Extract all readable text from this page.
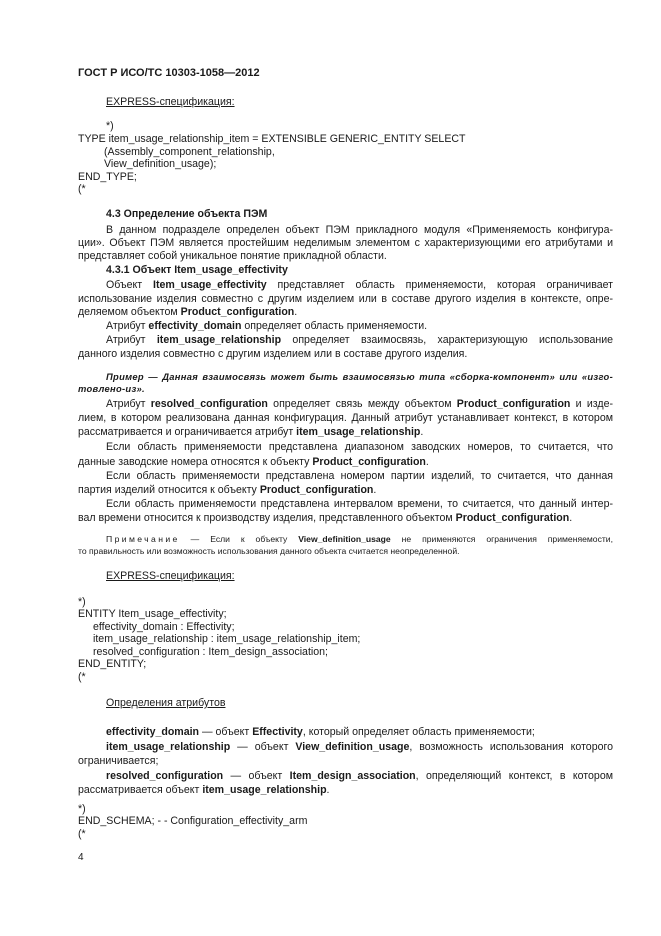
ГОСТ Р ИСО/ТС 10303-1058—2012
EXPRESS-спецификация:
*)
TYPE item_usage_relationship_item = EXTENSIBLE GENERIC_ENTITY SELECT
(Assembly_component_relationship,
View_definition_usage);
END_TYPE;
(*
4.3 Определение объекта ПЭМ
В данном подразделе определен объект ПЭМ прикладного модуля «Применяемость конфигура-
ции». Объект ПЭМ является простейшим неделимым элементом с характеризующими его атрибутами и
представляет собой уникальное понятие прикладной области.
4.3.1 Объект Item_usage_effectivity
Объект Item_usage_effectivity представляет область применяемости, которая ограничивает
использование изделия совместно с другим изделием или в составе другого изделия в контексте, опре-
деляемом объектом Product_configuration.
Атрибут effectivity_domain определяет область применяемости.
Атрибут item_usage_relationship определяет взаимосвязь, характеризующую использование
данного изделия совместно с другим изделием или в составе другого изделия.
Пример — Данная взаимосвязь может быть взаимосвязью типа «сборка-компонент» или «изго-
товлено-из».
Атрибут resolved_configuration определяет связь между объектом Product_configuration и изде-
лием, в котором реализована данная конфигурация. Данный атрибут устанавливает контекст, в котором
рассматривается и ограничивается атрибут item_usage_relationship.
Если область применяемости представлена диапазоном заводских номеров, то считается, что
данные заводские номера относятся к объекту Product_configuration.
Если область применяемости представлена номером партии изделий, то считается, что данная
партия изделий относится к объекту Product_configuration.
Если область применяемости представлена интервалом времени, то считается, что данный интер-
вал времени относится к производству изделия, представленного объектом Product_configuration.
Примечание — Если к объекту View_definition_usage не применяются ограничения применяемости,
то правильность или возможность использования данного объекта считается неопределенной.
EXPRESS-спецификация:
*)
ENTITY Item_usage_effectivity;
effectivity_domain : Effectivity;
item_usage_relationship : item_usage_relationship_item;
resolved_configuration : Item_design_association;
END_ENTITY;
(*
Определения атрибутов
effectivity_domain — объект Effectivity, который определяет область применяемости;
item_usage_relationship — объект View_definition_usage, возможность использования которого
ограничивается;
resolved_configuration — объект Item_design_association, определяющий контекст, в котором
рассматривается объект item_usage_relationship.
*)
END_SCHEMA; - - Configuration_effectivity_arm
(*
4
